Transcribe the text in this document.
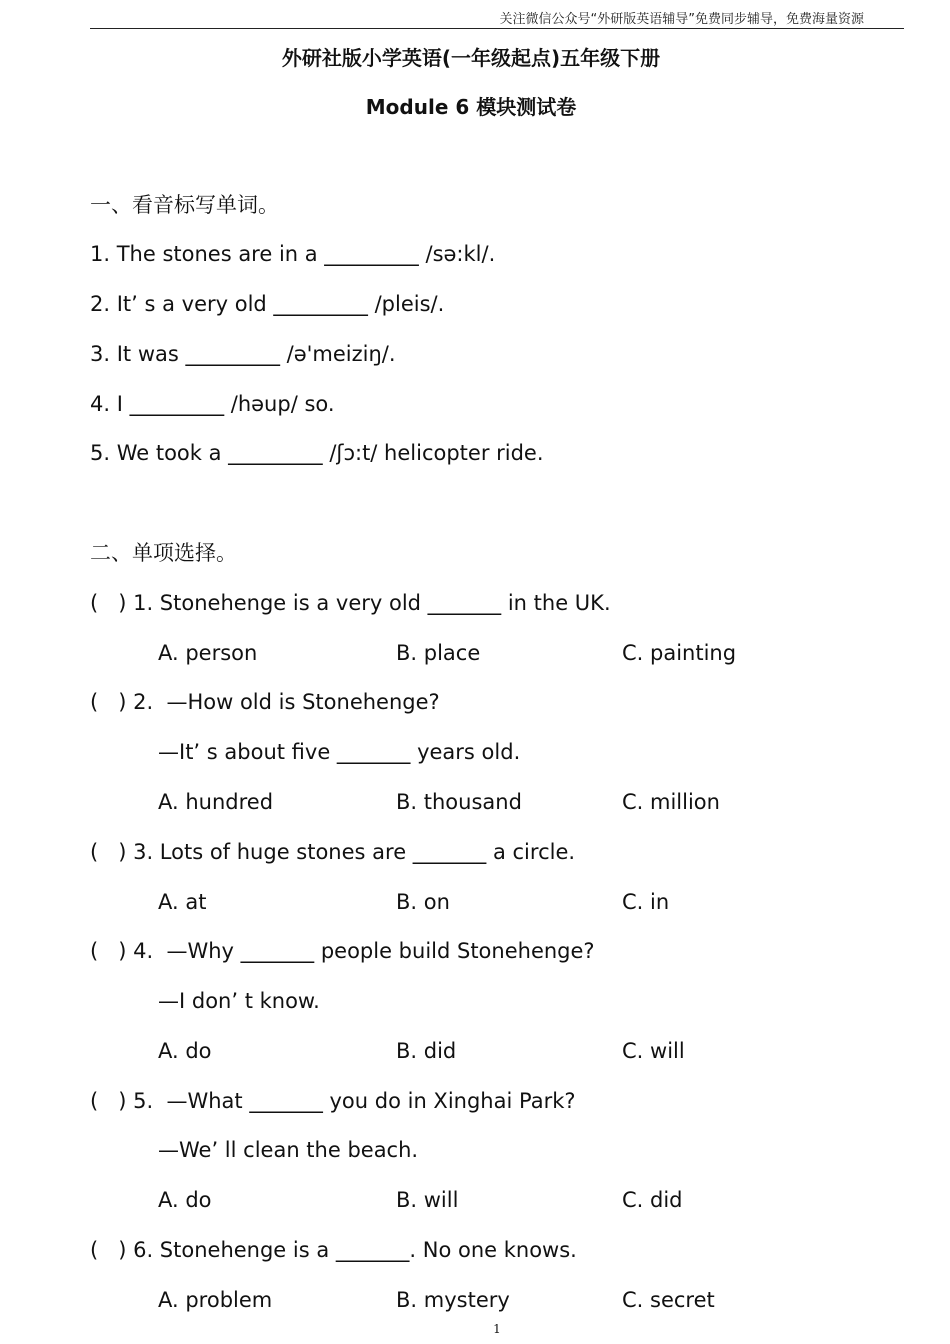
关注微信公众号“外研版英语辅导”免费同步辅导，免费海量资源
外研社版小学英语(一年级起点)五年级下册
Module 6 模块测试卷
一、看音标写单词。
1. The stones are in a _________ /sə:kl/.
2. It’ s a very old _________ /pleis/.
3. It was _________ /ə'meiziŋ/.
4. I _________ /həup/ so.
5. We took a _________ /ʃɔ:t/ helicopter ride.
二、单项选择。
(   ) 1. Stonehenge is a very old _______ in the UK.
A. person	B. place	C. painting
(   ) 2.  —How old is Stonehenge?
—It’ s about five _______ years old.
A. hundred	B. thousand	C. million
(   ) 3. Lots of huge stones are _______ a circle.
A. at	B. on	C. in
(   ) 4.  —Why _______ people build Stonehenge?
—I don’ t know.
A. do	B. did	C. will
(   ) 5.  —What _______ you do in Xinghai Park?
—We’ ll clean the beach.
A. do	B. will	C. did
(   ) 6. Stonehenge is a _______. No one knows.
A. problem	B. mystery	C. secret
1
